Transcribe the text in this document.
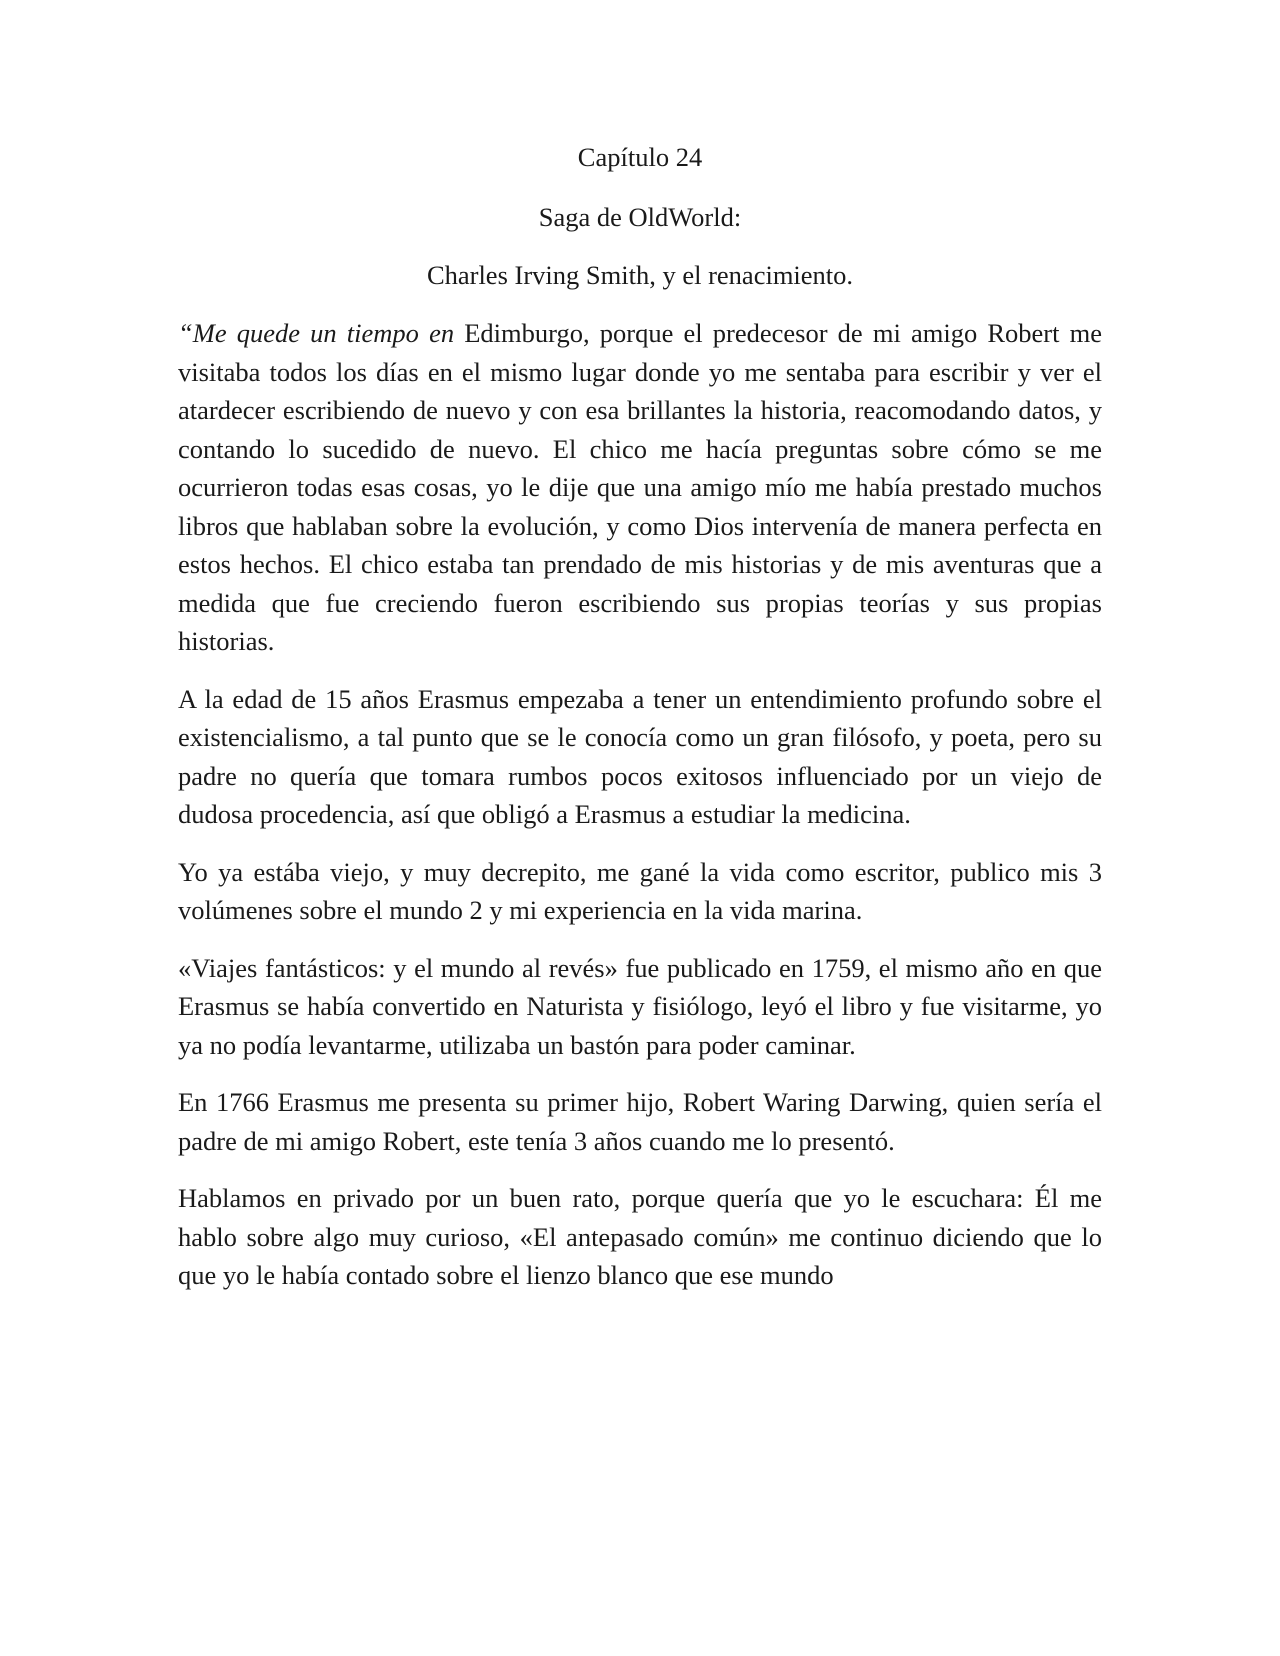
Capítulo 24
Saga de OldWorld:
Charles Irving Smith, y el renacimiento.

“Me quede un tiempo en Edimburgo, porque el predecesor de mi amigo Robert me visitaba todos los días en el mismo lugar donde yo me sentaba para escribir y ver el atardecer escribiendo de nuevo y con esa brillantes la historia, reacomodando datos, y contando lo sucedido de nuevo. El chico me hacía preguntas sobre cómo se me ocurrieron todas esas cosas, yo le dije que una amigo mío me había prestado muchos libros que hablaban sobre la evolución, y como Dios intervenía de manera perfecta en estos hechos. El chico estaba tan prendado de mis historias y de mis aventuras que a medida que fue creciendo fueron escribiendo sus propias teorías y sus propias historias.

A la edad de 15 años Erasmus empezaba a tener un entendimiento profundo sobre el existencialismo, a tal punto que se le conocía como un gran filósofo, y poeta, pero su padre no quería que tomara rumbos pocos exitosos influenciado por un viejo de dudosa procedencia, así que obligó a Erasmus a estudiar la medicina.

Yo ya estába viejo, y muy decrepito, me gané la vida como escritor, publico mis 3 volúmenes sobre el mundo 2 y mi experiencia en la vida marina.

«Viajes fantásticos: y el mundo al revés» fue publicado en 1759, el mismo año en que Erasmus se había convertido en Naturista y fisiólogo, leyó el libro y fue visitarme, yo ya no podía levantarme, utilizaba un bastón para poder caminar.

En 1766 Erasmus me presenta su primer hijo, Robert Waring Darwing, quien sería el padre de mi amigo Robert, este tenía 3 años cuando me lo presentó.

Hablamos en privado por un buen rato, porque quería que yo le escuchara: Él me hablo sobre algo muy curioso, «El antepasado común» me continuo diciendo que lo que yo le había contado sobre el lienzo blanco que ese mundo
